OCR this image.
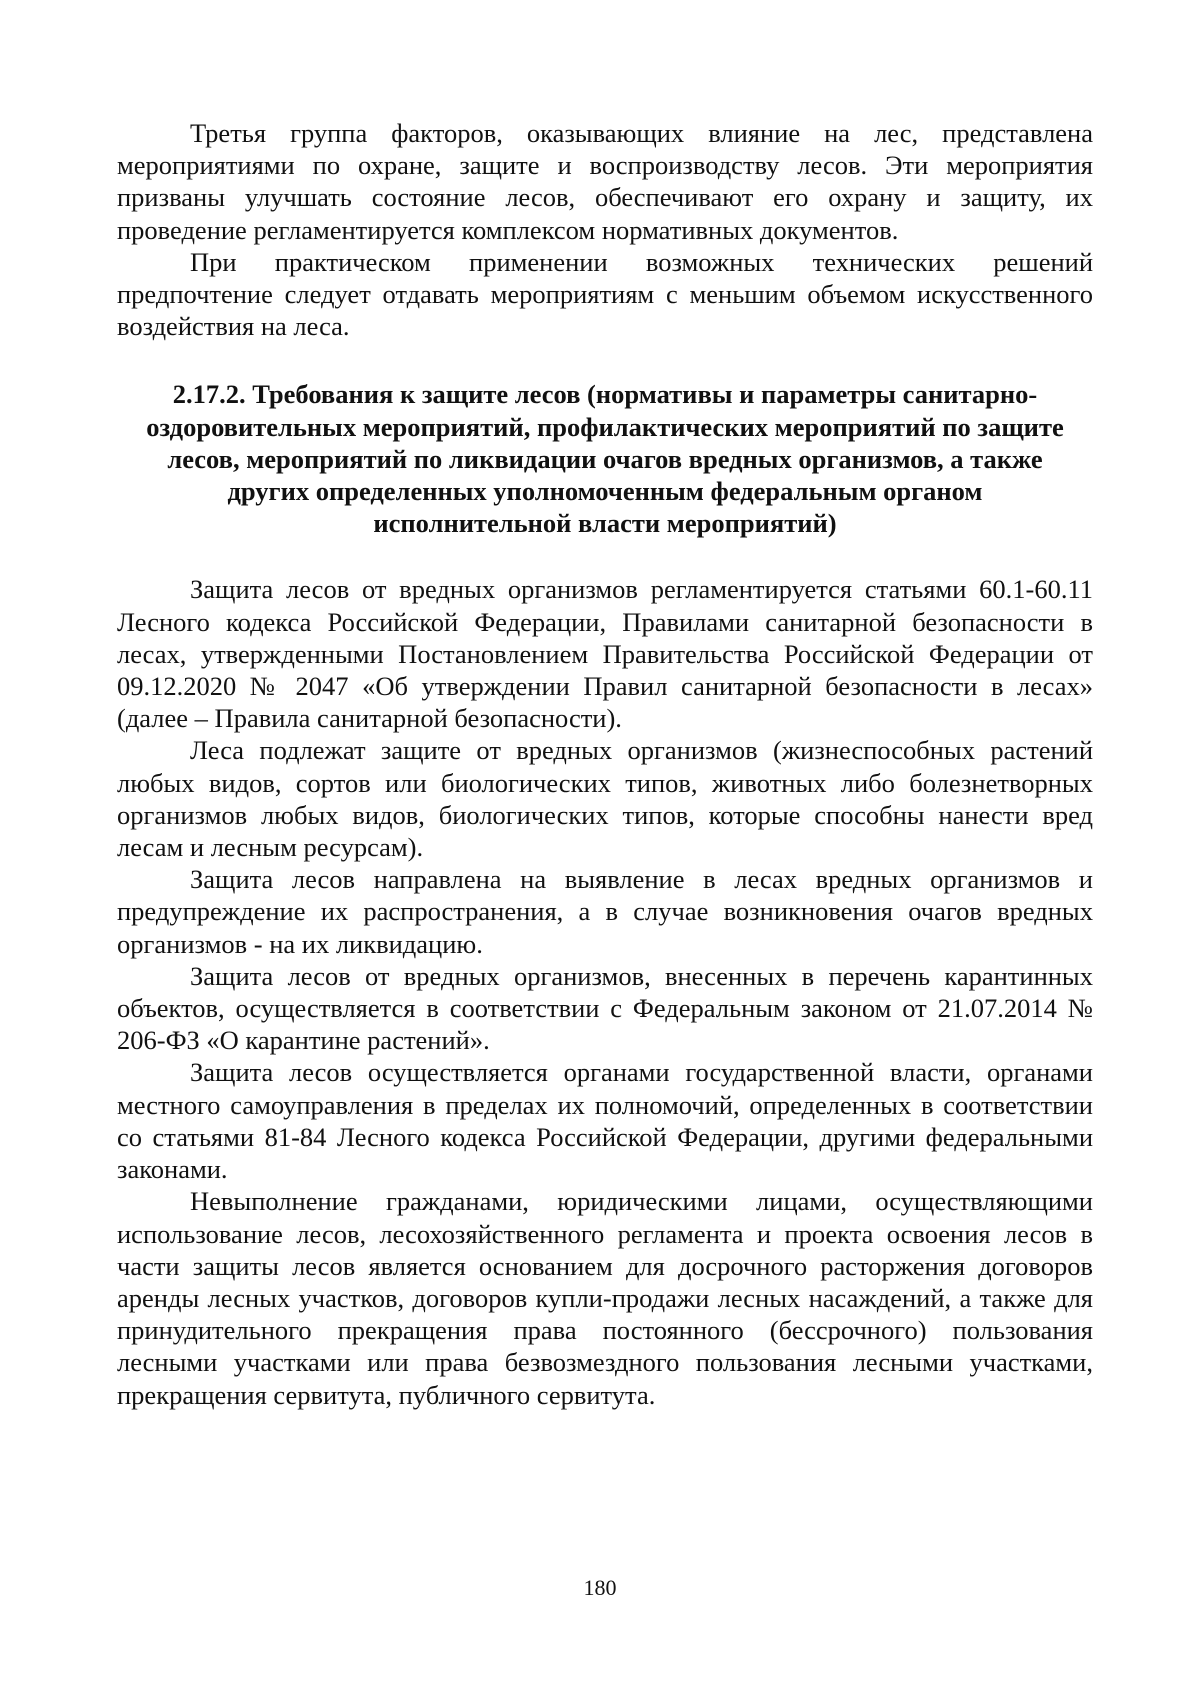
Третья группа факторов, оказывающих влияние на лес, представлена мероприятиями по охране, защите и воспроизводству лесов. Эти мероприятия призваны улучшать состояние лесов, обеспечивают его охрану и защиту, их проведение регламентируется комплексом нормативных документов.

При практическом применении возможных технических решений предпочтение следует отдавать мероприятиям с меньшим объемом искусственного воздействия на леса.

2.17.2. Требования к защите лесов (нормативы и параметры санитарно-оздоровительных мероприятий, профилактических мероприятий по защите лесов, мероприятий по ликвидации очагов вредных организмов, а также других определенных уполномоченным федеральным органом исполнительной власти мероприятий)

Защита лесов от вредных организмов регламентируется статьями 60.1-60.11 Лесного кодекса Российской Федерации, Правилами санитарной безопасности в лесах, утвержденными Постановлением Правительства Российской Федерации от 09.12.2020 № 2047 «Об утверждении Правил санитарной безопасности в лесах» (далее – Правила санитарной безопасности).

Леса подлежат защите от вредных организмов (жизнеспособных растений любых видов, сортов или биологических типов, животных либо болезнетворных организмов любых видов, биологических типов, которые способны нанести вред лесам и лесным ресурсам).

Защита лесов направлена на выявление в лесах вредных организмов и предупреждение их распространения, а в случае возникновения очагов вредных организмов - на их ликвидацию.

Защита лесов от вредных организмов, внесенных в перечень карантинных объектов, осуществляется в соответствии с Федеральным законом от 21.07.2014 № 206-ФЗ «О карантине растений».

Защита лесов осуществляется органами государственной власти, органами местного самоуправления в пределах их полномочий, определенных в соответствии со статьями 81-84 Лесного кодекса Российской Федерации, другими федеральными законами.

Невыполнение гражданами, юридическими лицами, осуществляющими использование лесов, лесохозяйственного регламента и проекта освоения лесов в части защиты лесов является основанием для досрочного расторжения договоров аренды лесных участков, договоров купли-продажи лесных насаждений, а также для принудительного прекращения права постоянного (бессрочного) пользования лесными участками или права безвозмездного пользования лесными участками, прекращения сервитута, публичного сервитута.

180
